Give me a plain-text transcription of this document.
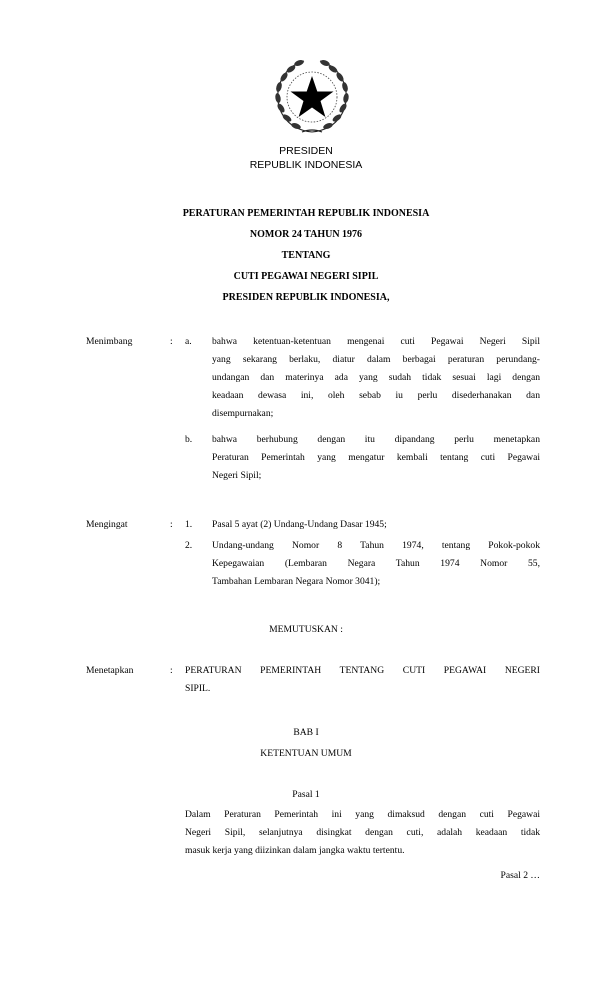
PRESIDEN
REPUBLIK INDONESIA
PERATURAN PEMERINTAH REPUBLIK INDONESIA
NOMOR 24 TAHUN 1976
TENTANG
CUTI PEGAWAI NEGERI SIPIL
PRESIDEN REPUBLIK INDONESIA,
Menimbang	: a. bahwa ketentuan-ketentuan mengenai cuti Pegawai Negeri Sipil
yang sekarang berlaku, diatur dalam berbagai peraturan perundang-
undangan dan materinya ada yang sudah tidak sesuai lagi dengan
keadaan dewasa ini, oleh sebab iu perlu disederhanakan dan
disempurnakan;
b. bahwa berhubung dengan itu dipandang perlu menetapkan
Peraturan Pemerintah yang mengatur kembali tentang cuti Pegawai
Negeri Sipil;
Mengingat	: 1. Pasal 5 ayat (2) Undang-Undang Dasar 1945;
2. Undang-undang Nomor 8 Tahun 1974, tentang Pokok-pokok
Kepegawaian (Lembaran Negara Tahun 1974 Nomor 55,
Tambahan Lembaran Negara Nomor 3041);
MEMUTUSKAN :
Menetapkan	: PERATURAN PEMERINTAH TENTANG CUTI PEGAWAI NEGERI
SIPIL.
BAB I
KETENTUAN UMUM
Pasal 1
Dalam Peraturan Pemerintah ini yang dimaksud dengan cuti Pegawai
Negeri Sipil, selanjutnya disingkat dengan cuti, adalah keadaan tidak
masuk kerja yang diizinkan dalam jangka waktu tertentu.
Pasal 2 …
